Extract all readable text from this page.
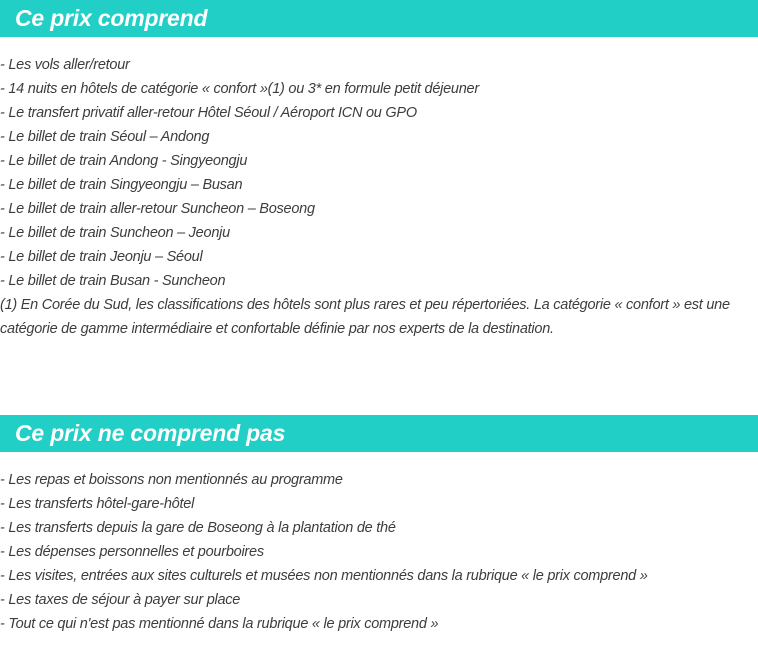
Ce prix comprend
- Les vols aller/retour
- 14 nuits en hôtels de catégorie « confort »(1) ou 3* en formule petit déjeuner
- Le transfert privatif aller-retour Hôtel Séoul / Aéroport ICN ou GPO
- Le billet de train Séoul – Andong
- Le billet de train Andong - Singyeongju
- Le billet de train Singyeongju – Busan
- Le billet de train aller-retour Suncheon – Boseong
- Le billet de train Suncheon – Jeonju
- Le billet de train Jeonju – Séoul
- Le billet de train Busan - Suncheon

(1) En Corée du Sud, les classifications des hôtels sont plus rares et peu répertoriées. La catégorie « confort » est une catégorie de gamme intermédiaire et confortable définie par nos experts de la destination.

Ce prix ne comprend pas
- Les repas et boissons non mentionnés au programme
- Les transferts hôtel-gare-hôtel
- Les transferts depuis la gare de Boseong à la plantation de thé
- Les dépenses personnelles et pourboires
- Les visites, entrées aux sites culturels et musées non mentionnés dans la rubrique « le prix comprend »
- Les taxes de séjour à payer sur place
- Tout ce qui n'est pas mentionné dans la rubrique « le prix comprend »
